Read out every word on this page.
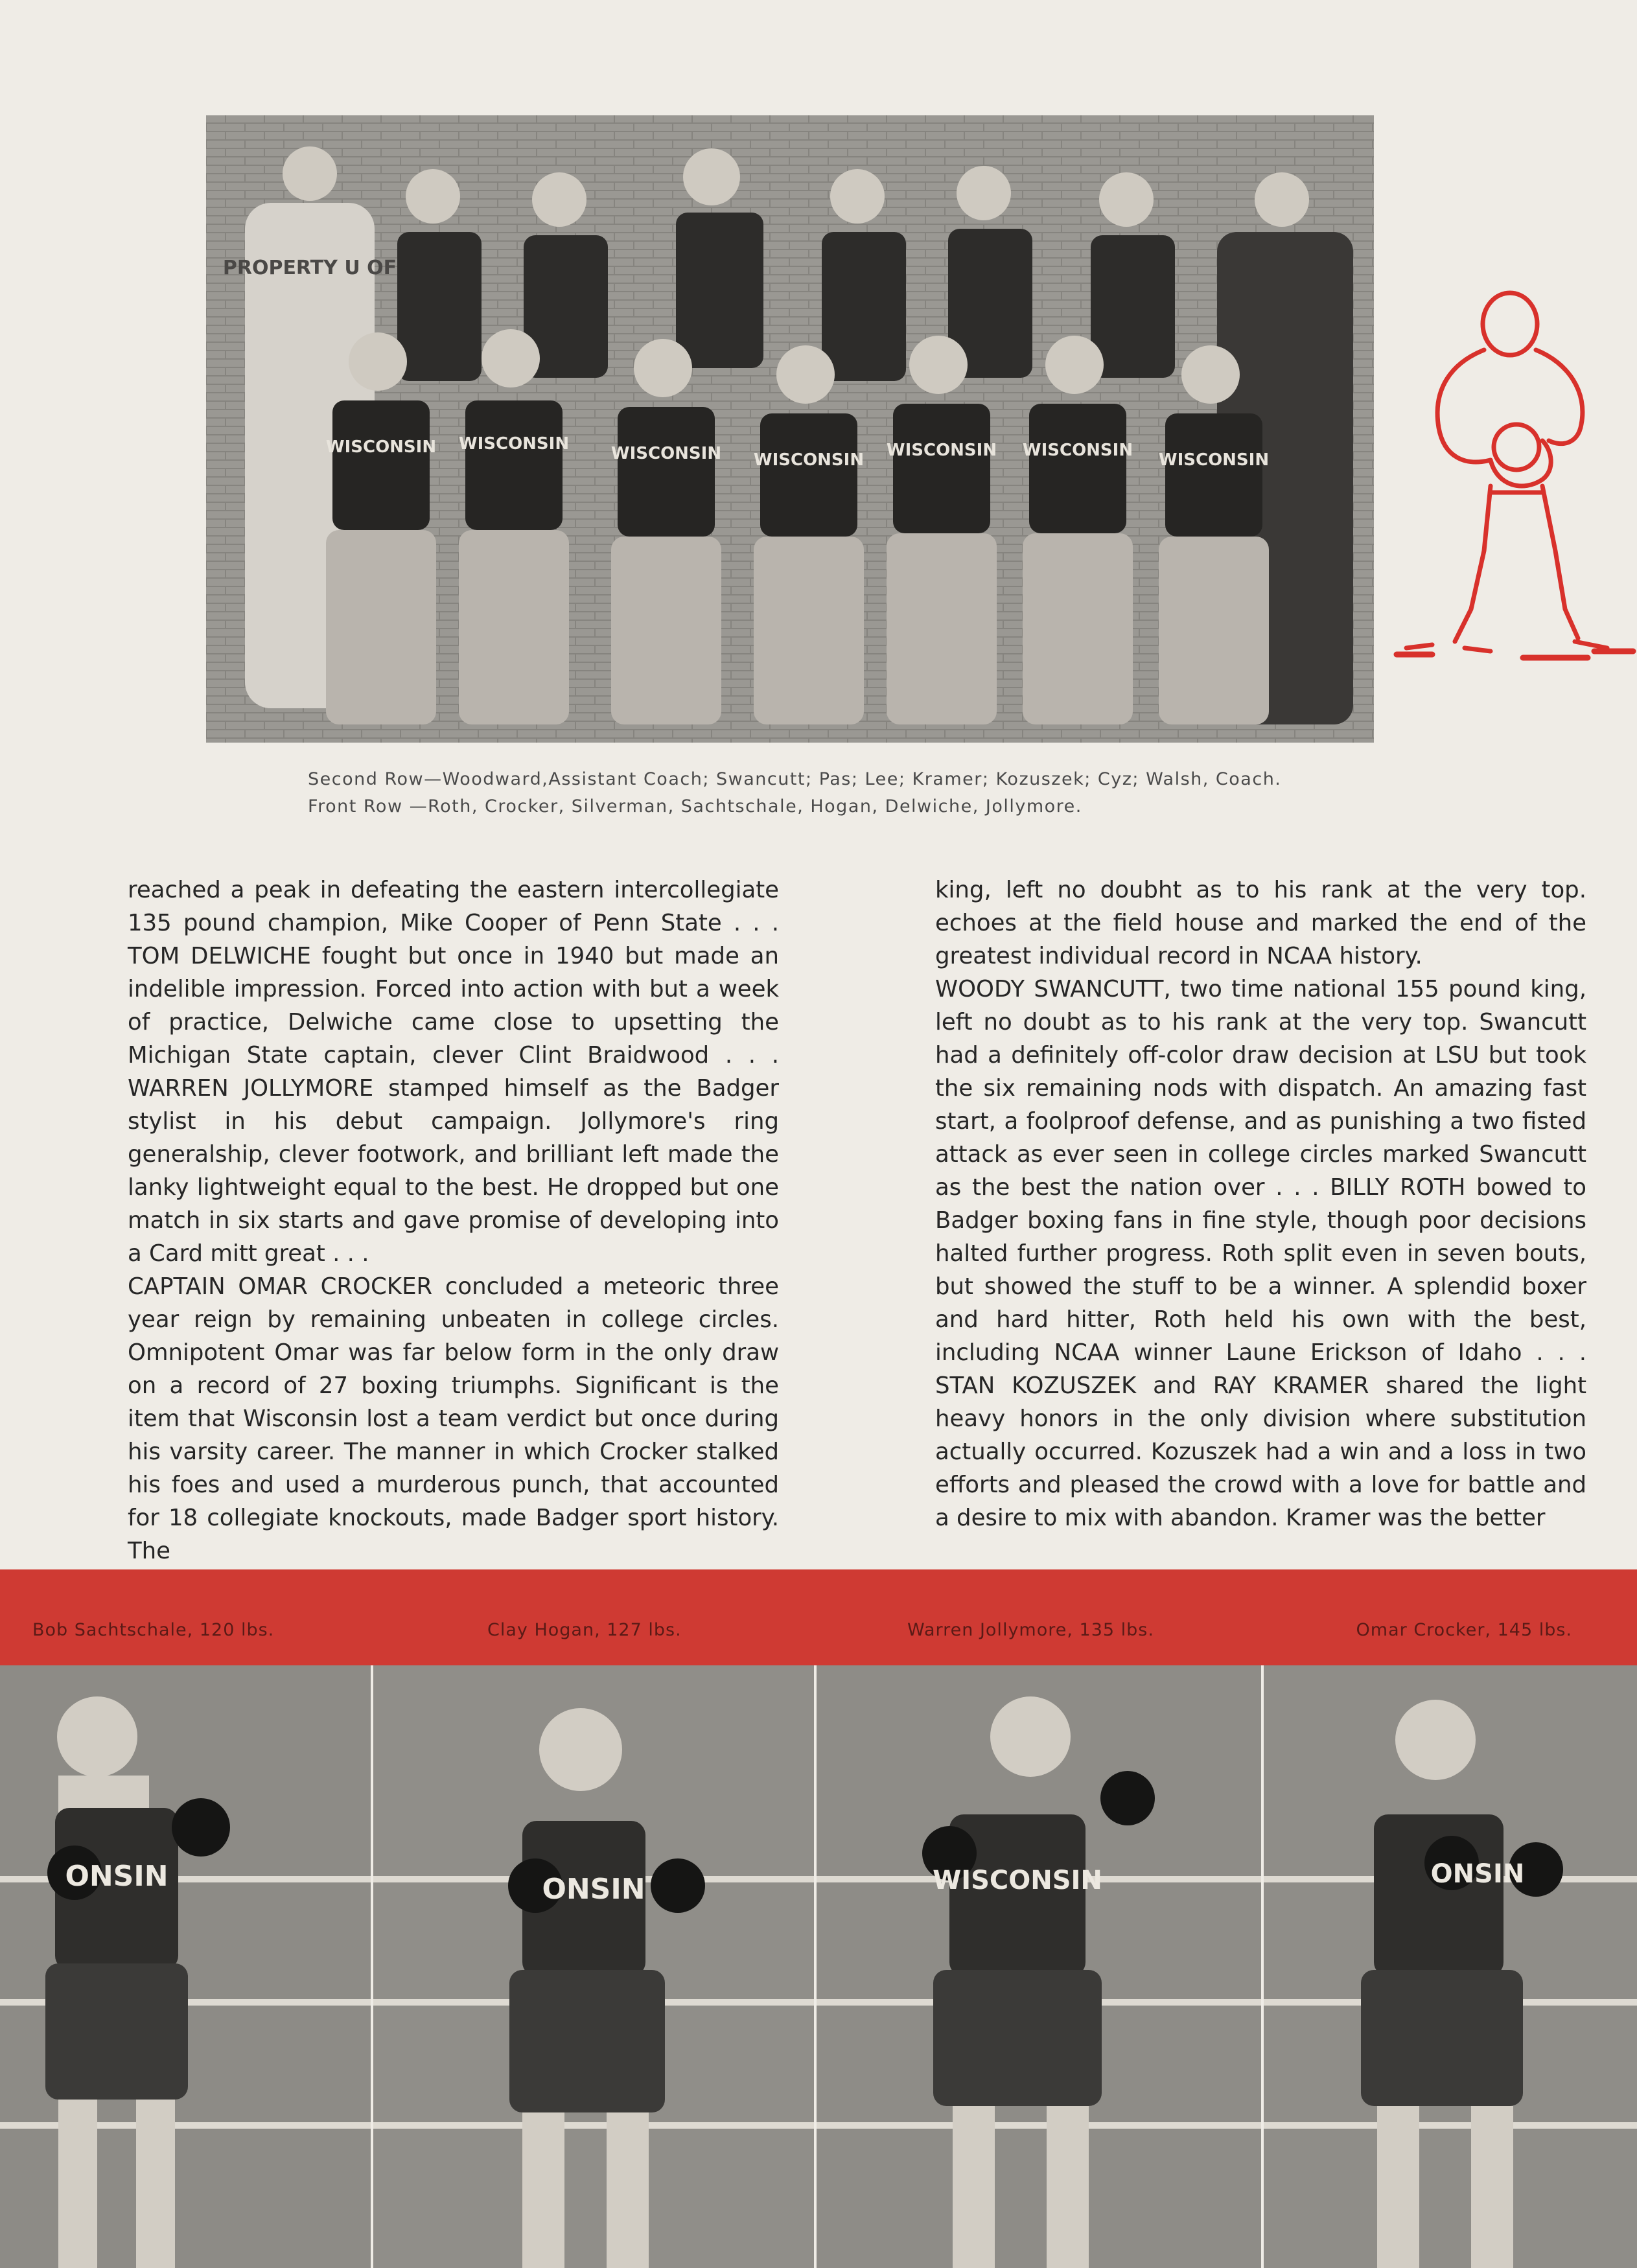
PROPERTY U OF
WISCONSIN WISCONSIN WISCONSIN WISCONSIN WISCONSIN WISCONSIN WISCONSIN
Second Row—Woodward,Assistant Coach; Swancutt; Pas; Lee; Kramer; Kozuszek; Cyz; Walsh, Coach.
Front Row —Roth, Crocker, Silverman, Sachtschale, Hogan, Delwiche, Jollymore.

reached a peak in defeating the eastern intercollegiate 135 pound champion, Mike Cooper of Penn State . . . TOM DELWICHE fought but once in 1940 but made an indelible impression. Forced into action with but a week of practice, Delwiche came close to upsetting the Michigan State captain, clever Clint Braidwood . . . WARREN JOLLYMORE stamped himself as the Badger stylist in his debut campaign. Jollymore's ring generalship, clever footwork, and brilliant left made the lanky lightweight equal to the best. He dropped but one match in six starts and gave promise of developing into a Card mitt great . . .

CAPTAIN OMAR CROCKER concluded a meteoric three year reign by remaining unbeaten in college circles. Omnipotent Omar was far below form in the only draw on a record of 27 boxing triumphs. Significant is the item that Wisconsin lost a team verdict but once during his varsity career. The manner in which Crocker stalked his foes and used a murderous punch, that accounted for 18 collegiate knockouts, made Badger sport history. The

king, left no doubht as to his rank at the very top. echoes at the field house and marked the end of the greatest individual record in NCAA history.

WOODY SWANCUTT, two time national 155 pound king, left no doubt as to his rank at the very top. Swancutt had a definitely off-color draw decision at LSU but took the six remaining nods with dispatch. An amazing fast start, a foolproof defense, and as punishing a two fisted attack as ever seen in college circles marked Swancutt as the best the nation over . . . BILLY ROTH bowed to Badger boxing fans in fine style, though poor decisions halted further progress. Roth split even in seven bouts, but showed the stuff to be a winner. A splendid boxer and hard hitter, Roth held his own with the best, including NCAA winner Laune Erickson of Idaho . . . STAN KOZUSZEK and RAY KRAMER shared the light heavy honors in the only division where substitution actually occurred. Kozuszek had a win and a loss in two efforts and pleased the crowd with a love for battle and a desire to mix with abandon. Kramer was the better

Bob Sachtschale, 120 lbs.	Clay Hogan, 127 lbs.	Warren Jollymore, 135 lbs.	Omar Crocker, 145 lbs.
ONSIN	ONSIN	WISCONSIN	ONSIN
